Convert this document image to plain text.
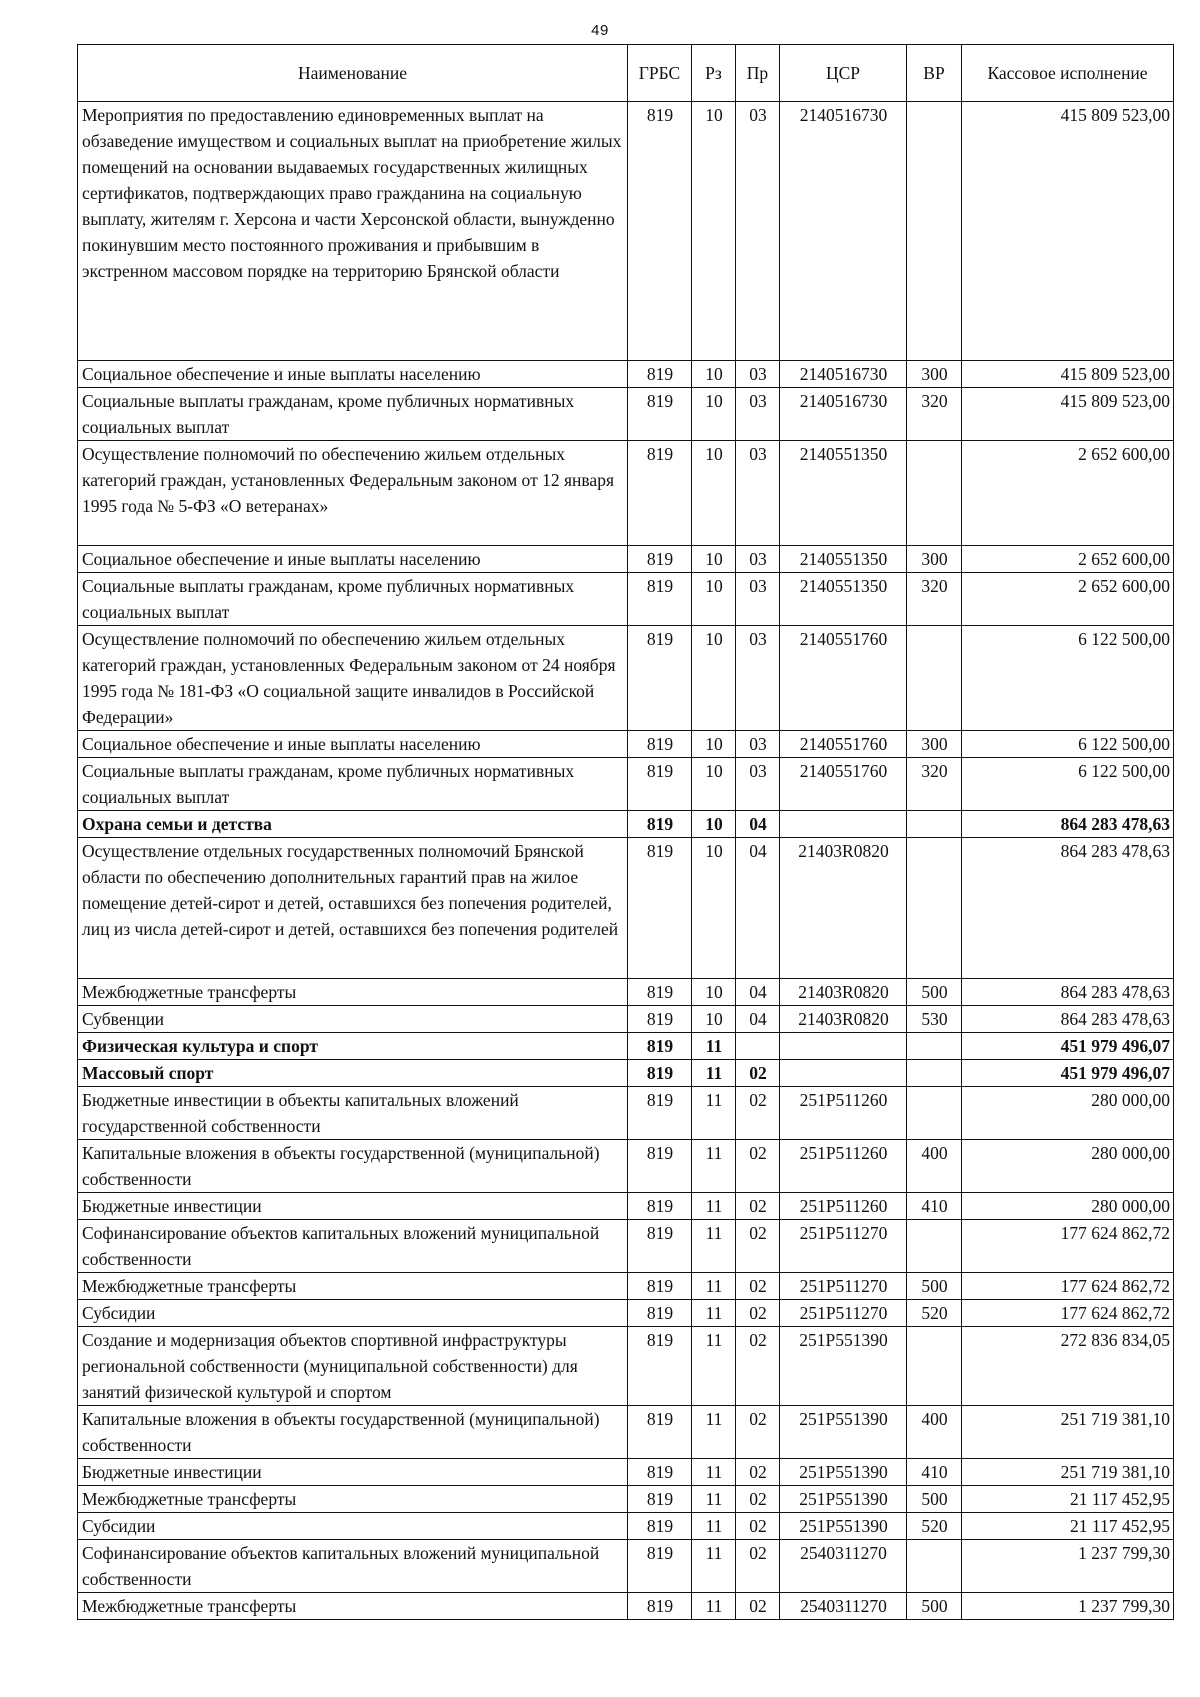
49
Наименование	ГРБС	Рз	Пр	ЦСР	ВР	Кассовое исполнение
Мероприятия по предоставлению единовременных выплат на обзаведение имуществом и социальных выплат на приобретение жилых помещений на основании выдаваемых государственных жилищных сертификатов, подтверждающих право гражданина на социальную выплату, жителям г. Херсона и части Херсонской области, вынужденно покинувшим место постоянного проживания и прибывшим в экстренном массовом порядке на территорию Брянской области	819	10	03	2140516730		415 809 523,00
Социальное обеспечение и иные выплаты населению	819	10	03	2140516730	300	415 809 523,00
Социальные выплаты гражданам, кроме публичных нормативных социальных выплат	819	10	03	2140516730	320	415 809 523,00
Осуществление полномочий по обеспечению жильем отдельных категорий граждан, установленных Федеральным законом от 12 января 1995 года № 5-ФЗ «О ветеранах»	819	10	03	2140551350		2 652 600,00
Социальное обеспечение и иные выплаты населению	819	10	03	2140551350	300	2 652 600,00
Социальные выплаты гражданам, кроме публичных нормативных социальных выплат	819	10	03	2140551350	320	2 652 600,00
Осуществление полномочий по обеспечению жильем отдельных категорий граждан, установленных Федеральным законом от 24 ноября 1995 года № 181-ФЗ «О социальной защите инвалидов в Российской Федерации»	819	10	03	2140551760		6 122 500,00
Социальное обеспечение и иные выплаты населению	819	10	03	2140551760	300	6 122 500,00
Социальные выплаты гражданам, кроме публичных нормативных социальных выплат	819	10	03	2140551760	320	6 122 500,00
Охрана семьи и детства	819	10	04			864 283 478,63
Осуществление отдельных государственных полномочий Брянской области по обеспечению дополнительных гарантий прав на жилое помещение детей-сирот и детей, оставшихся без попечения родителей, лиц из числа детей-сирот и детей, оставшихся без попечения родителей	819	10	04	21403R0820		864 283 478,63
Межбюджетные трансферты	819	10	04	21403R0820	500	864 283 478,63
Субвенции	819	10	04	21403R0820	530	864 283 478,63
Физическая культура и спорт	819	11				451 979 496,07
Массовый спорт	819	11	02			451 979 496,07
Бюджетные инвестиции в объекты капитальных вложений государственной собственности	819	11	02	251P511260		280 000,00
Капитальные вложения в объекты государственной (муниципальной) собственности	819	11	02	251P511260	400	280 000,00
Бюджетные инвестиции	819	11	02	251P511260	410	280 000,00
Софинансирование объектов капитальных вложений муниципальной собственности	819	11	02	251P511270		177 624 862,72
Межбюджетные трансферты	819	11	02	251P511270	500	177 624 862,72
Субсидии	819	11	02	251P511270	520	177 624 862,72
Создание и модернизация объектов спортивной инфраструктуры региональной собственности (муниципальной собственности) для занятий физической культурой и спортом	819	11	02	251P551390		272 836 834,05
Капитальные вложения в объекты государственной (муниципальной) собственности	819	11	02	251P551390	400	251 719 381,10
Бюджетные инвестиции	819	11	02	251P551390	410	251 719 381,10
Межбюджетные трансферты	819	11	02	251P551390	500	21 117 452,95
Субсидии	819	11	02	251P551390	520	21 117 452,95
Софинансирование объектов капитальных вложений муниципальной собственности	819	11	02	2540311270		1 237 799,30
Межбюджетные трансферты	819	11	02	2540311270	500	1 237 799,30
